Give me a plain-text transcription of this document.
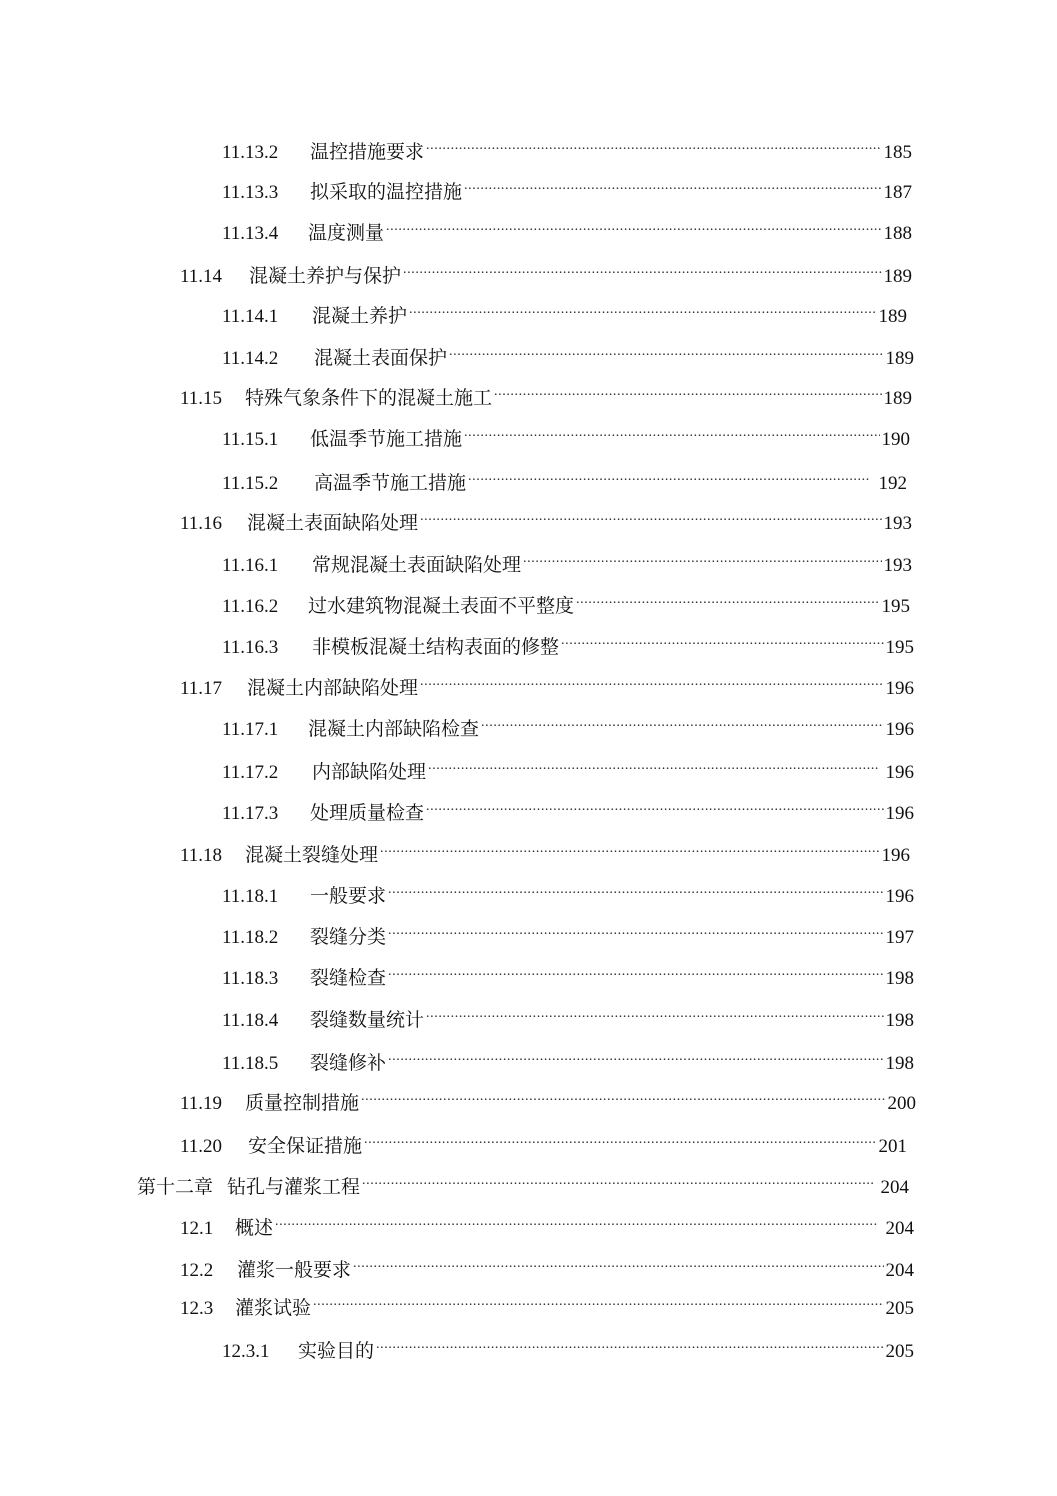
11.13.2	温控措施要求 .....	185
11.13.3	拟采取的温控措施 .....	187
11.13.4	温度测量 .....	188
11.14	混凝土养护与保护 .....	189
11.14.1	混凝土养护 .....	189
11.14.2	混凝土表面保护 .....	189
11.15	特殊气象条件下的混凝土施工 .....	189
11.15.1	低温季节施工措施 .....	190
11.15.2	高温季节施工措施 .....	192
11.16	混凝土表面缺陷处理 .....	193
11.16.1	常规混凝土表面缺陷处理 .....	193
11.16.2	过水建筑物混凝土表面不平整度 .....	195
11.16.3	非模板混凝土结构表面的修整 .....	195
11.17	混凝土内部缺陷处理 .....	196
11.17.1	混凝土内部缺陷检查 .....	196
11.17.2	内部缺陷处理 .....	196
11.17.3	处理质量检查 .....	196
11.18	混凝土裂缝处理 .....	196
11.18.1	一般要求 .....	196
11.18.2	裂缝分类 .....	197
11.18.3	裂缝检查 .....	198
11.18.4	裂缝数量统计 .....	198
11.18.5	裂缝修补 .....	198
11.19	质量控制措施 .....	200
11.20	安全保证措施 .....	201
第十二章 钻孔与灌浆工程 .....	204
12.1	概述 .....	204
12.2	灌浆一般要求 .....	204
12.3	灌浆试验 .....	205
12.3.1	实验目的 .....	205
